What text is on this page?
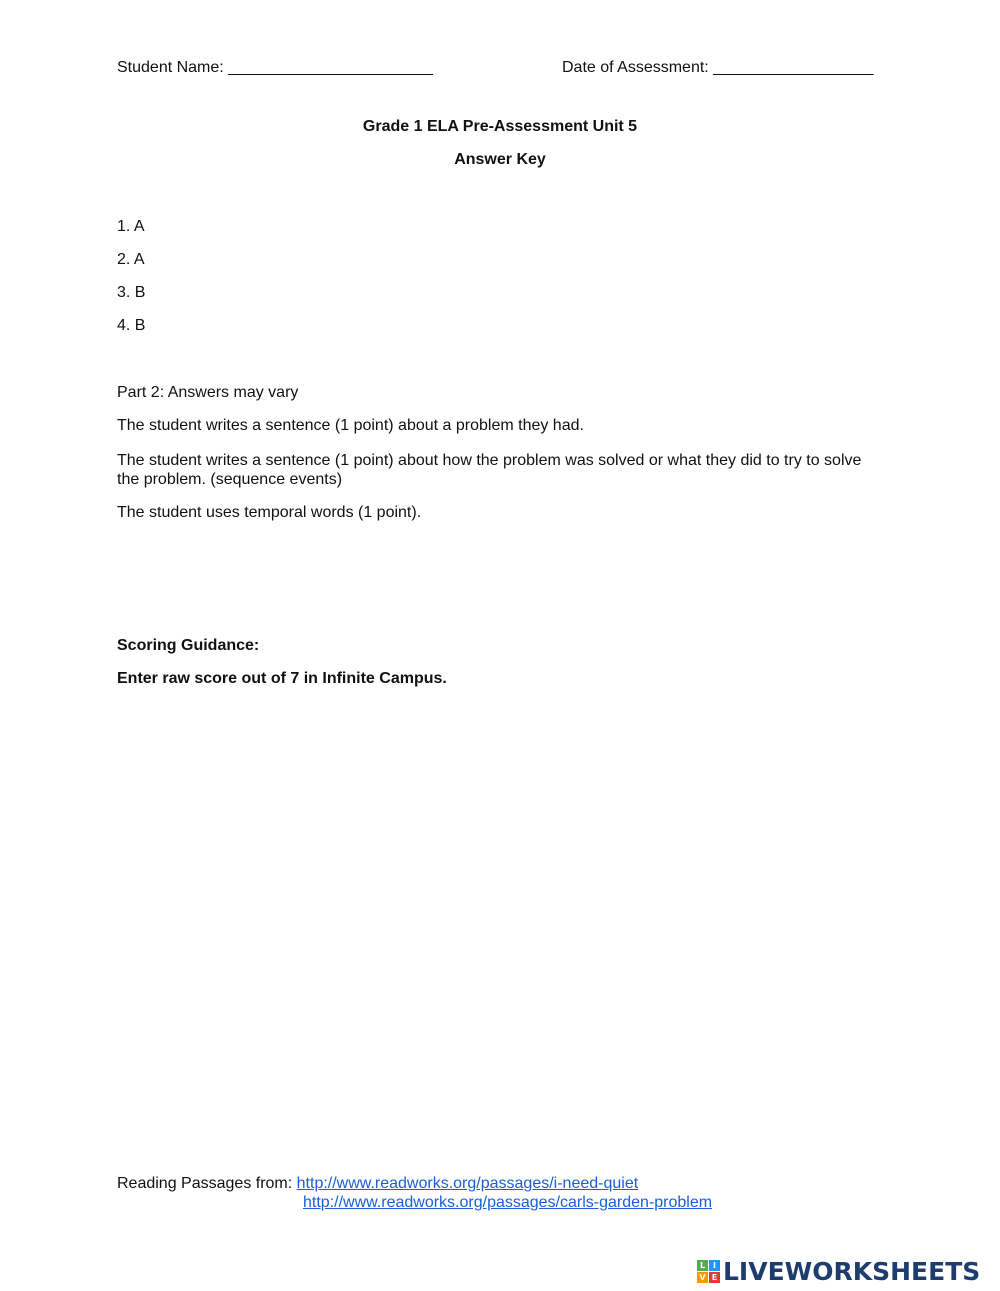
Student Name: _______________________	Date of Assessment: __________________
Grade 1 ELA Pre-Assessment Unit 5
Answer Key
1. A
2. A
3. B
4. B
Part 2: Answers may vary
The student writes a sentence (1 point) about a problem they had.
The student writes a sentence (1 point) about how the problem was solved or what they did to try to solve the problem. (sequence events)
The student uses temporal words (1 point).
Scoring Guidance:
Enter raw score out of 7 in Infinite Campus.
Reading Passages from: http://www.readworks.org/passages/i-need-quiet
http://www.readworks.org/passages/carls-garden-problem
L I
V E LIVEWORKSHEETS
